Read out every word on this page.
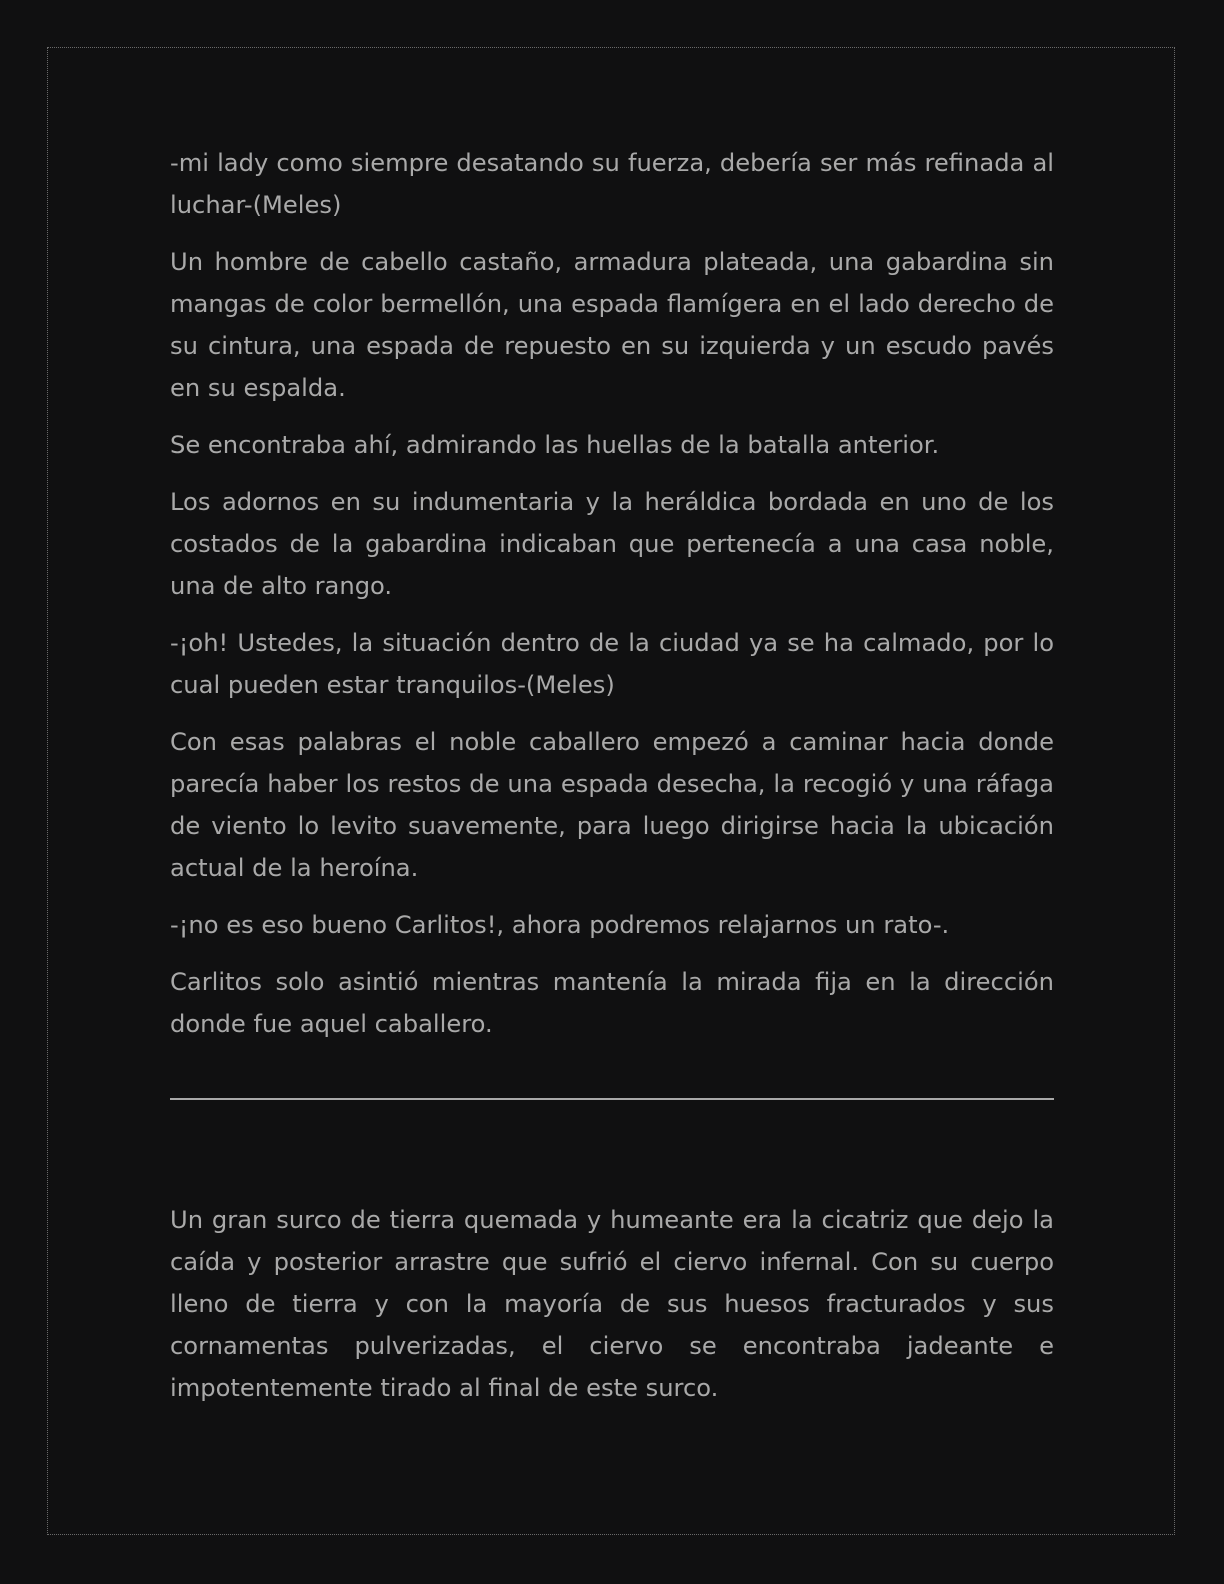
-mi lady como siempre desatando su fuerza, debería ser más refinada al luchar-(Meles)

Un hombre de cabello castaño, armadura plateada, una gabardina sin mangas de color bermellón, una espada flamígera en el lado derecho de su cintura, una espada de repuesto en su izquierda y un escudo pavés en su espalda.

Se encontraba ahí, admirando las huellas de la batalla anterior.

Los adornos en su indumentaria y la heráldica bordada en uno de los costados de la gabardina indicaban que pertenecía a una casa noble, una de alto rango.

-¡oh! Ustedes, la situación dentro de la ciudad ya se ha calmado, por lo cual pueden estar tranquilos-(Meles)

Con esas palabras el noble caballero empezó a caminar hacia donde parecía haber los restos de una espada desecha, la recogió y una ráfaga de viento lo levito suavemente, para luego dirigirse hacia la ubicación actual de la heroína.

-¡no es eso bueno Carlitos!, ahora podremos relajarnos un rato-.

Carlitos solo asintió mientras mantenía la mirada fija en la dirección donde fue aquel caballero.

Un gran surco de tierra quemada y humeante era la cicatriz que dejo la caída y posterior arrastre que sufrió el ciervo infernal. Con su cuerpo lleno de tierra y con la mayoría de sus huesos fracturados y sus cornamentas pulverizadas, el ciervo se encontraba jadeante e impotentemente tirado al final de este surco.
